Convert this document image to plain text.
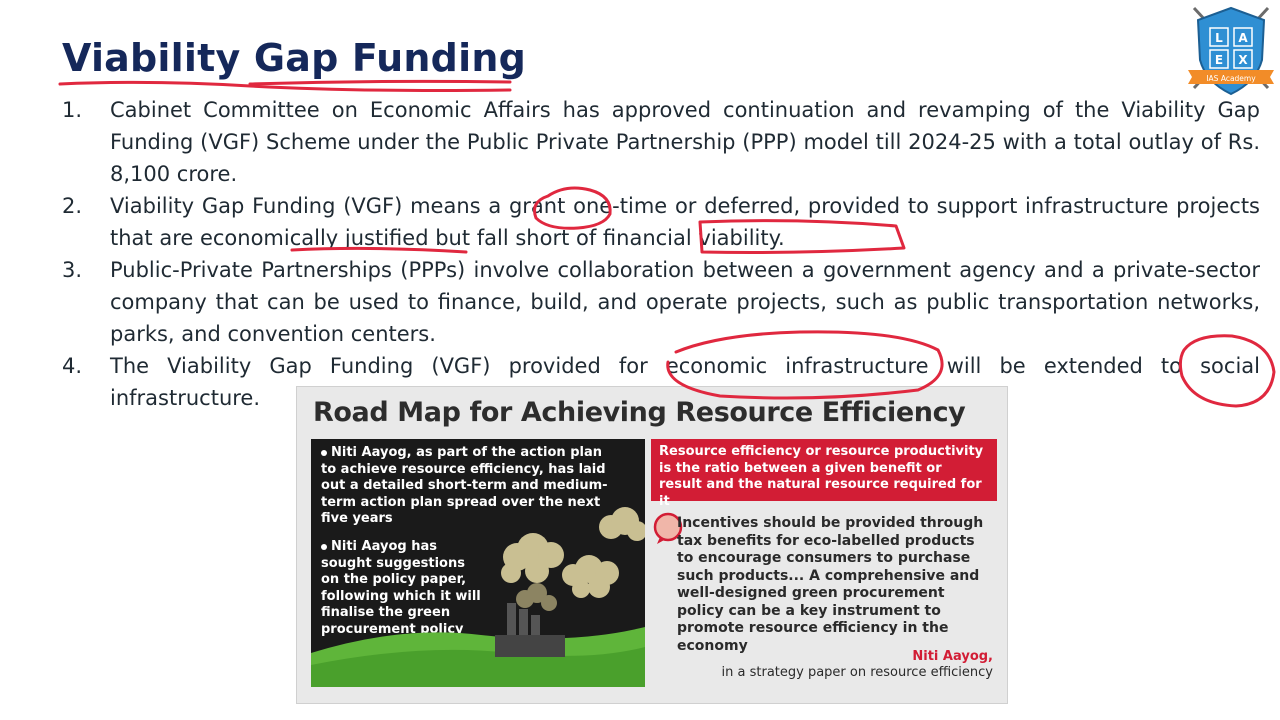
Viability Gap Funding
1. Cabinet Committee on Economic Affairs has approved continuation and revamping of the Viability Gap Funding (VGF) Scheme under the Public Private Partnership (PPP) model till 2024-25 with a total outlay of Rs. 8,100 crore.
2. Viability Gap Funding (VGF) means a grant one-time or deferred, provided to support infrastructure projects that are economically justified but fall short of financial viability.
3. Public-Private Partnerships (PPPs) involve collaboration between a government agency and a private-sector company that can be used to finance, build, and operate projects, such as public transportation networks, parks, and convention centers.
4. The Viability Gap Funding (VGF) provided for economic infrastructure will be extended to social infrastructure.
L A
E X
IAS Academy
Road Map for Achieving Resource Efficiency
Niti Aayog, as part of the action plan to achieve resource efficiency, has laid out a detailed short-term and medium-term action plan spread over the next five years
Niti Aayog has sought suggestions on the policy paper, following which it will finalise the green procurement policy
Resource efficiency or resource productivity is the ratio between a given benefit or result and the natural resource required for it
Incentives should be provided through tax benefits for eco-labelled products to encourage consumers to purchase such products... A comprehensive and well-designed green procurement policy can be a key instrument to promote resource efficiency in the economy
Niti Aayog,
in a strategy paper on resource efficiency
